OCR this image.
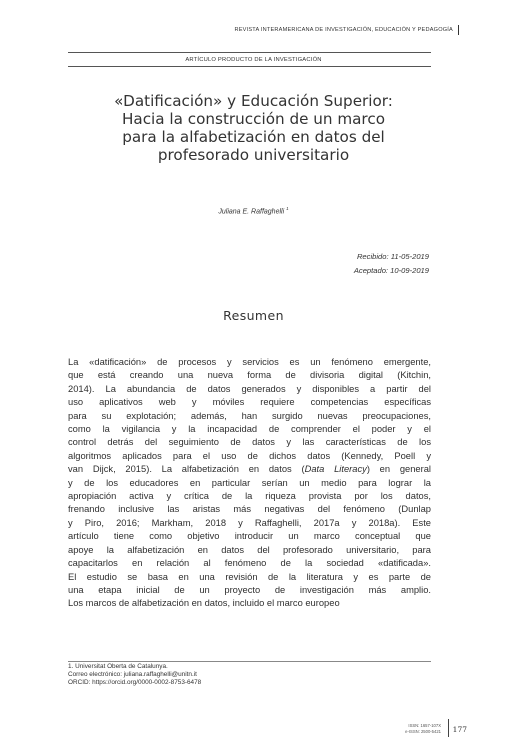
REVISTA INTERAMERICANA DE INVESTIGACIÓN, EDUCACIÓN Y PEDAGOGÍA
ARTÍCULO PRODUCTO DE LA INVESTIGACIÓN
«Datificación» y Educación Superior:
Hacia la construcción de un marco
para la alfabetización en datos del
profesorado universitario
Juliana E. Raffaghelli $^1$
Recibido: 11-05-2019
Aceptado: 10-09-2019
Resumen
La «datificación» de procesos y servicios es un fenómeno emergente,
que está creando una nueva forma de divisoria digital (Kitchin,
2014). La abundancia de datos generados y disponibles a partir del
uso aplicativos web y móviles requiere competencias específicas
para su explotación; además, han surgido nuevas preocupaciones,
como la vigilancia y la incapacidad de comprender el poder y el
control detrás del seguimiento de datos y las características de los
algoritmos aplicados para el uso de dichos datos (Kennedy, Poell y
van Dijck, 2015). La alfabetización en datos (Data Literacy) en general
y de los educadores en particular serían un medio para lograr la
apropiación activa y crítica de la riqueza provista por los datos,
frenando inclusive las aristas más negativas del fenómeno (Dunlap
y Piro, 2016; Markham, 2018 y Raffaghelli, 2017a y 2018a). Este
artículo tiene como objetivo introducir un marco conceptual que
apoye la alfabetización en datos del profesorado universitario, para
capacitarlos en relación al fenómeno de la sociedad «datificada».
El estudio se basa en una revisión de la literatura y es parte de
una etapa inicial de un proyecto de investigación más amplio.
Los marcos de alfabetización en datos, incluido el marco europeo
1. Universitat Oberta de Catalunya.
Correo electrónico: juliana.raffaghelli@unitn.it
ORCID: https://orcid.org/0000-0002-8753-6478
ISSN: 1657-107X
e-ISSN: 2500-5421 177
